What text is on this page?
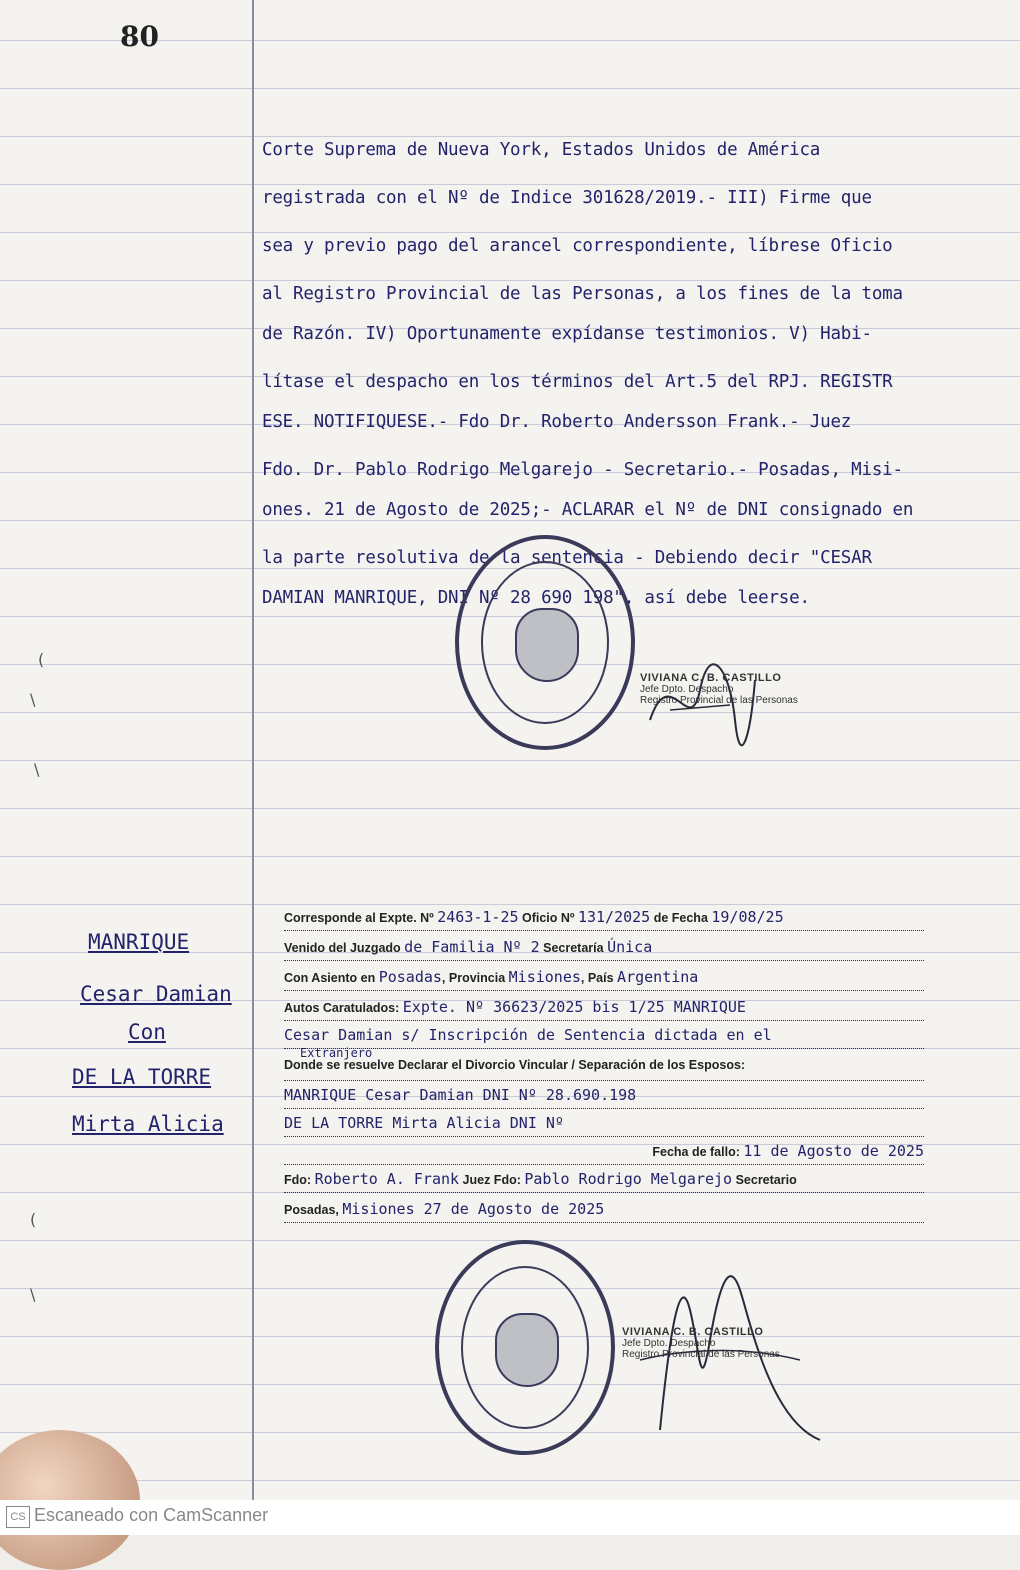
80
(
\
\
(
\
Corte Suprema de Nueva York, Estados Unidos de América
registrada con el Nº de Indice 301628/2019.- III) Firme que
sea y previo pago del arancel correspondiente, líbrese Oficio
al Registro Provincial de las Personas, a los fines de la toma
de Razón. IV) Oportunamente expídanse testimonios. V) Habi-
lítase el despacho en los términos del Art.5 del RPJ. REGISTR
ESE. NOTIFIQUESE.- Fdo Dr. Roberto Andersson Frank.- Juez
Fdo. Dr. Pablo Rodrigo Melgarejo - Secretario.- Posadas, Misi-
ones. 21 de Agosto de 2025;- ACLARAR el Nº de DNI consignado en
la parte resolutiva de la sentencia - Debiendo decir "CESAR
DAMIAN MANRIQUE, DNI Nº 28 690 198", así debe leerse.
VIVIANA C. B. CASTILLO
Jefe Dpto. Despacho
Registro Provincial de las Personas
MANRIQUE
Cesar Damian
Con
DE LA TORRE
Mirta Alicia
Corresponde al Expte. Nº 2463-1-25 Oficio Nº 131/2025 de Fecha 19/08/25
Venido del Juzgado de Familia Nº 2 Secretaría Única
Con Asiento en Posadas, Provincia Misiones, País Argentina
Autos Caratulados: Expte. Nº 36623/2025 bis 1/25 MANRIQUE
Cesar Damian s/ Inscripción de Sentencia dictada en el
Extranjero
Donde se resuelve Declarar el Divorcio Vincular / Separación de los Esposos:
MANRIQUE Cesar Damian DNI Nº 28.690.198
DE LA TORRE Mirta Alicia DNI Nº
Fecha de fallo: 11 de Agosto de 2025
Fdo: Roberto A. Frank Juez Fdo: Pablo Rodrigo Melgarejo Secretario
Posadas, Misiones 27 de Agosto de 2025
VIVIANA C. B. CASTILLO
Jefe Dpto. Despacho
Registro Provincial de las Personas
CS Escaneado con CamScanner
